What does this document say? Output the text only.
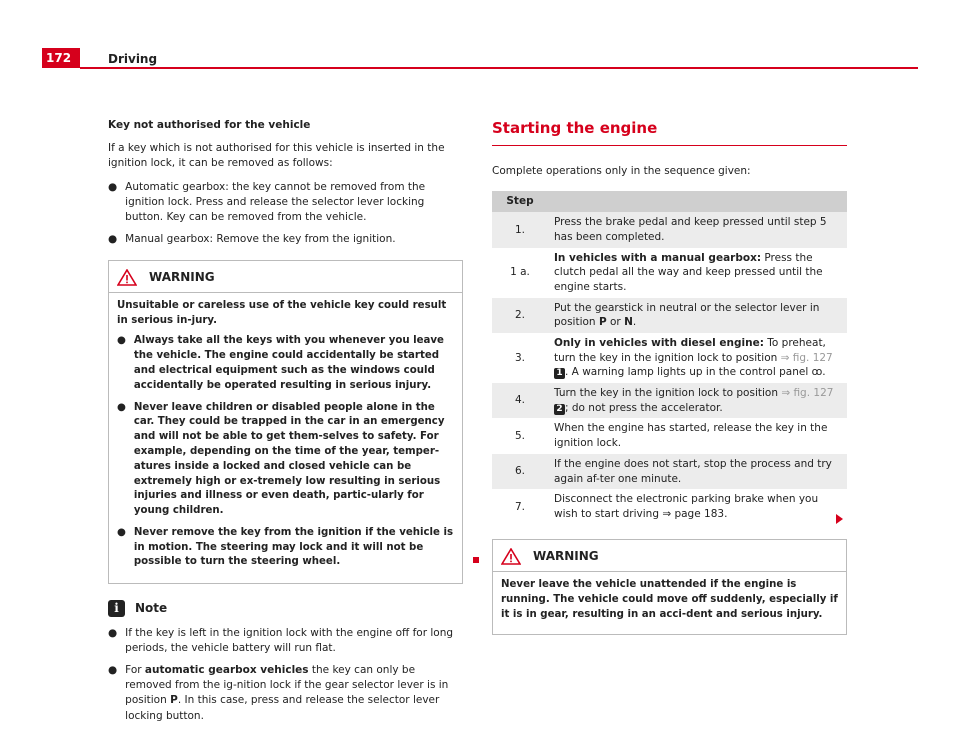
172	Driving

Key not authorised for the vehicle

If a key which is not authorised for this vehicle is inserted in the ignition lock, it can be removed as follows:

● Automatic gearbox: the key cannot be removed from the ignition lock. Press and release the selector lever locking button. Key can be removed from the vehicle.
● Manual gearbox: Remove the key from the ignition.
WARNING

Unsuitable or careless use of the vehicle key could result in serious in-jury.

● Always take all the keys with you whenever you leave the vehicle. The engine could accidentally be started and electrical equipment such as the windows could accidentally be operated resulting in serious injury.
● Never leave children or disabled people alone in the car. They could be trapped in the car in an emergency and will not be able to get them-selves to safety. For example, depending on the time of the year, temper-atures inside a locked and closed vehicle can be extremely high or ex-tremely low resulting in serious injuries and illness or even death, partic-ularly for young children.
● Never remove the key from the ignition if the vehicle is in motion. The steering may lock and it will not be possible to turn the steering wheel.
i	Note
● If the key is left in the ignition lock with the engine off for long periods, the vehicle battery will run flat.
● For automatic gearbox vehicles the key can only be removed from the ig-nition lock if the gear selector lever is in position P. In this case, press and release the selector lever locking button.
Starting the engine

Complete operations only in the sequence given:

Step	
1.	Press the brake pedal and keep pressed until step 5 has been completed.
1 a.	In vehicles with a manual gearbox: Press the clutch pedal all the way and keep pressed until the engine starts.
2.	Put the gearstick in neutral or the selector lever in position P or N.
3.	Only in vehicles with diesel engine: To preheat, turn the key in the ignition lock to position ⇒ fig. 127 1 . A warning lamp lights up in the control panel ꝏ.
4.	Turn the key in the ignition lock to position ⇒ fig. 127 2 ; do not press the accelerator.
5.	When the engine has started, release the key in the ignition lock.
6.	If the engine does not start, stop the process and try again af-ter one minute.
7.	Disconnect the electronic parking brake when you wish to start driving ⇒ page 183.
WARNING

Never leave the vehicle unattended if the engine is running. The vehicle could move off suddenly, especially if it is in gear, resulting in an acci-dent and serious injury.
